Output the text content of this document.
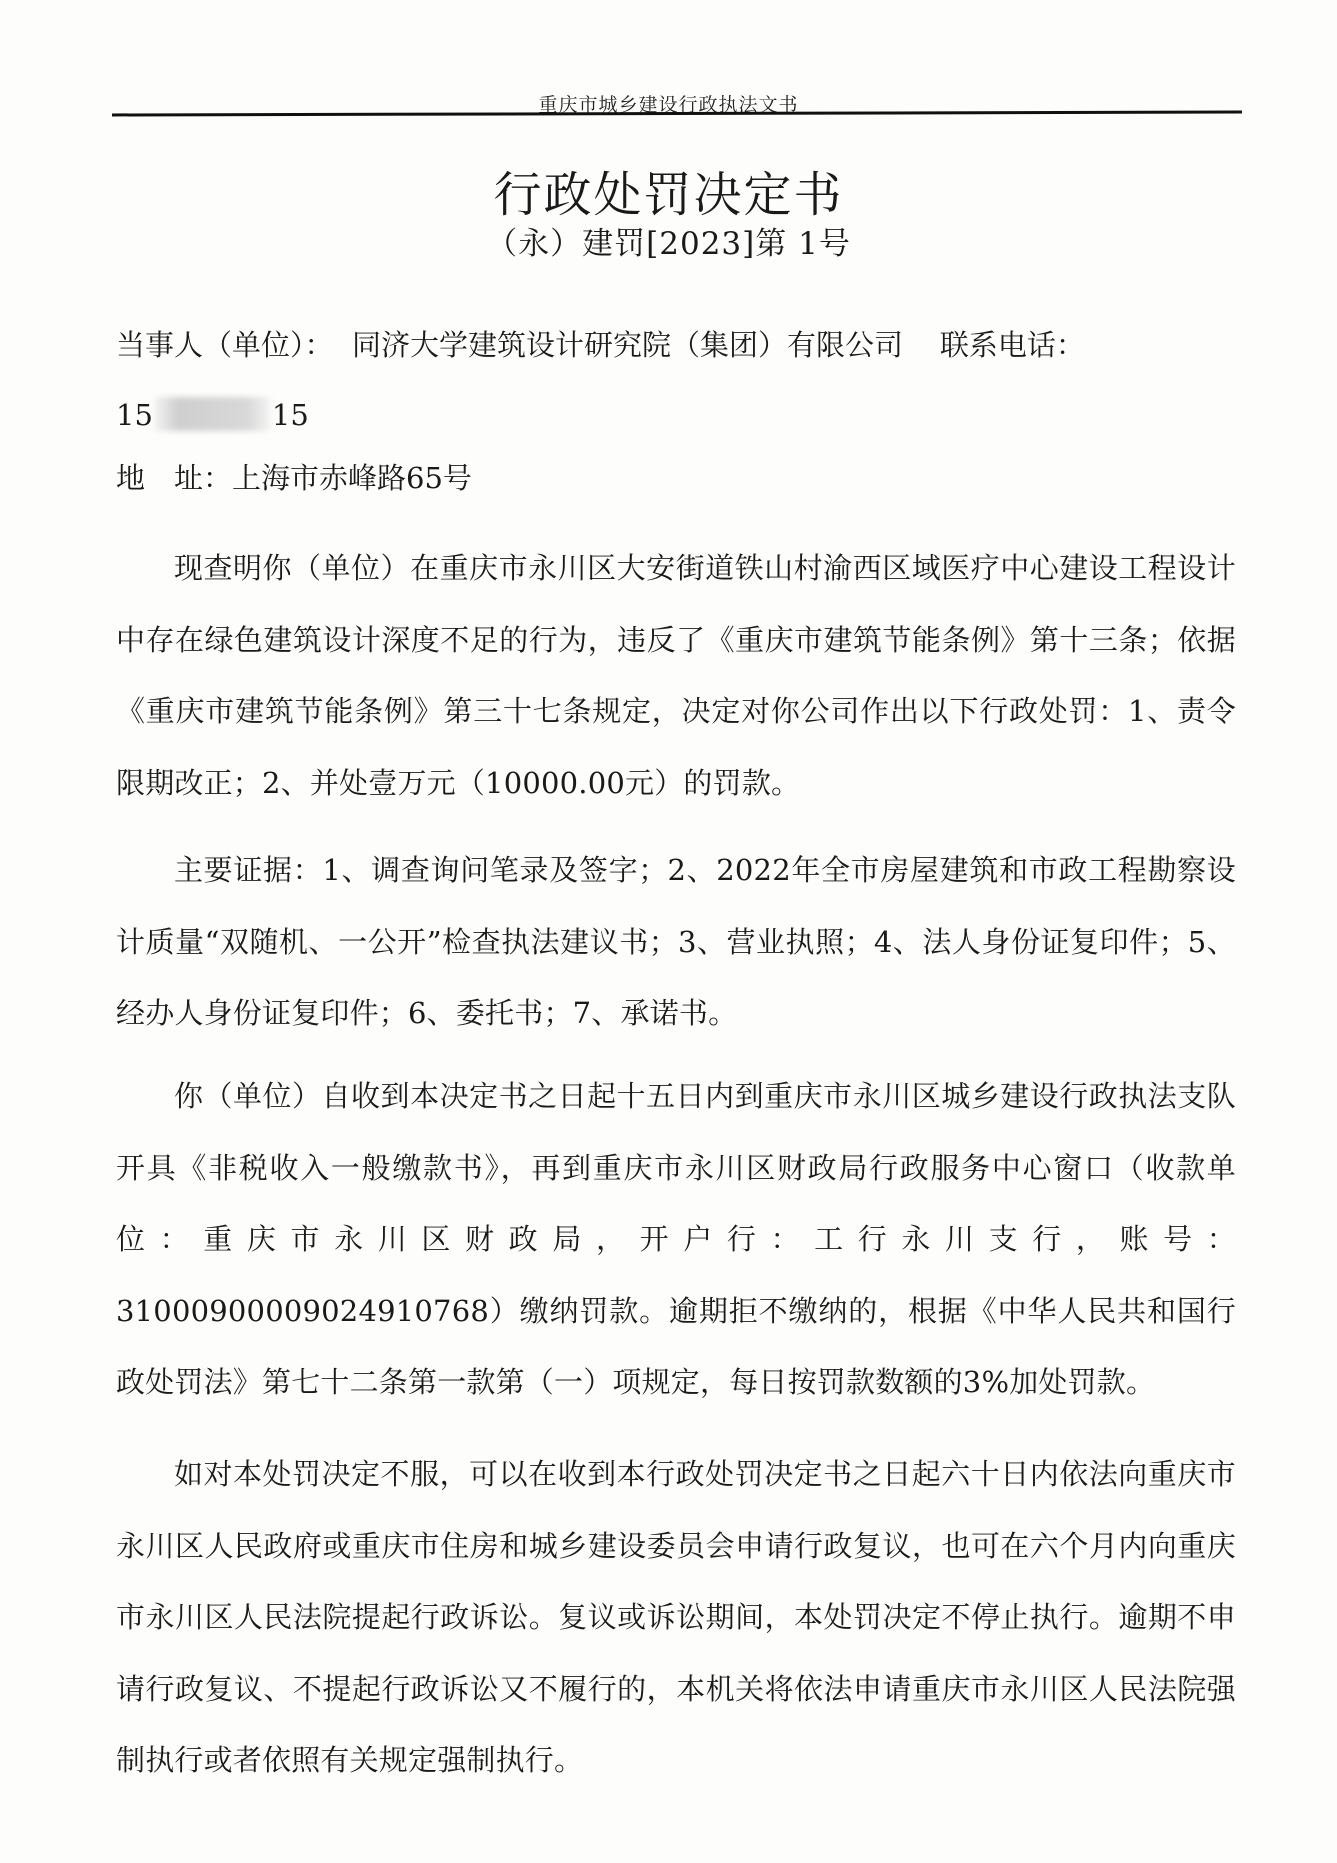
重庆市城乡建设行政执法文书
行政处罚决定书
（永）建罚[2023]第 1号
当事人（单位）： 同济大学建筑设计研究院（集团）有限公司 联系电话：
15	15
地　址：上海市赤峰路65号

现查明你（单位）在重庆市永川区大安街道铁山村渝西区域医疗中心建设工程设计中存在绿色建筑设计深度不足的行为，违反了《重庆市建筑节能条例》第十三条；依据《重庆市建筑节能条例》第三十七条规定，决定对你公司作出以下行政处罚：1、责令限期改正；2、并处壹万元（10000.00元）的罚款。

主要证据：1、调查询问笔录及签字；2、2022年全市房屋建筑和市政工程勘察设计质量“双随机、一公开”检查执法建议书；3、营业执照；4、法人身份证复印件；5、经办人身份证复印件；6、委托书；7、承诺书。

你（单位）自收到本决定书之日起十五日内到重庆市永川区城乡建设行政执法支队开具《非税收入一般缴款书》，再到重庆市永川区财政局行政服务中心窗口（收款单位：重庆市永川区财政局，开户行：工行永川支行，账号：31000900009024910768）缴纳罚款。逾期拒不缴纳的，根据《中华人民共和国行政处罚法》第七十二条第一款第（一）项规定，每日按罚款数额的3%加处罚款。

如对本处罚决定不服，可以在收到本行政处罚决定书之日起六十日内依法向重庆市永川区人民政府或重庆市住房和城乡建设委员会申请行政复议，也可在六个月内向重庆市永川区人民法院提起行政诉讼。复议或诉讼期间，本处罚决定不停止执行。逾期不申请行政复议、不提起行政诉讼又不履行的，本机关将依法申请重庆市永川区人民法院强制执行或者依照有关规定强制执行。
